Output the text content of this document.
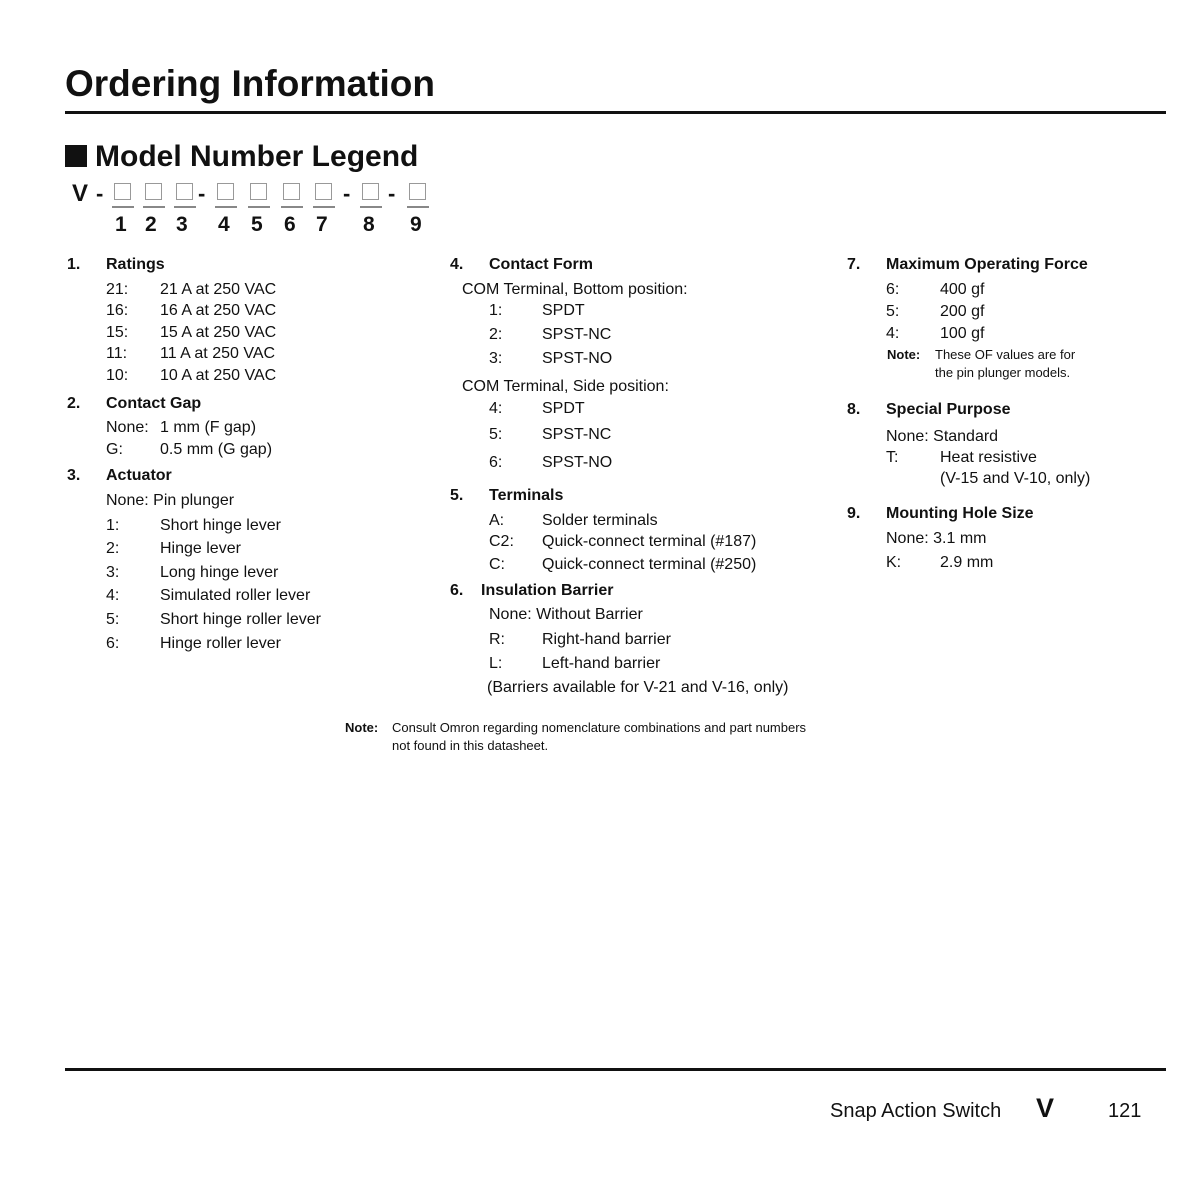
Ordering Information
Model Number Legend
V -	-	- -
1 2 3 4 5 6 7 8 9
1. Ratings
21: 21 A at 250 VAC
16: 16 A at 250 VAC
15: 15 A at 250 VAC
11: 11 A at 250 VAC
10: 10 A at 250 VAC
2. Contact Gap
None: 1 mm (F gap)
G: 0.5 mm (G gap)
3. Actuator
None: Pin plunger
1:	Short hinge lever
2:	Hinge lever
3:	Long hinge lever
4:	Simulated roller lever
5:	Short hinge roller lever
6:	Hinge roller lever
4. Contact Form
COM Terminal, Bottom position:
1: SPDT
2: SPST-NC
3: SPST-NO
COM Terminal, Side position:
4: SPDT
5: SPST-NC
6: SPST-NO
5. Terminals
A: Solder terminals
C2: Quick-connect terminal (#187)
C: Quick-connect terminal (#250)
6. Insulation Barrier
None: Without Barrier
R: Right-hand barrier
L: Left-hand barrier
(Barriers available for V-21 and V-16, only)
7. Maximum Operating Force
6:	400 gf
5:	200 gf
4:	100 gf
Note: These OF values are for
the pin plunger models.
8. Special Purpose
None: Standard
T:	Heat resistive
(V-15 and V-10, only)
9. Mounting Hole Size
None: 3.1 mm
K: 2.9 mm
Note: Consult Omron regarding nomenclature combinations and part numbers
not found in this datasheet.
Snap Action Switch V	121
